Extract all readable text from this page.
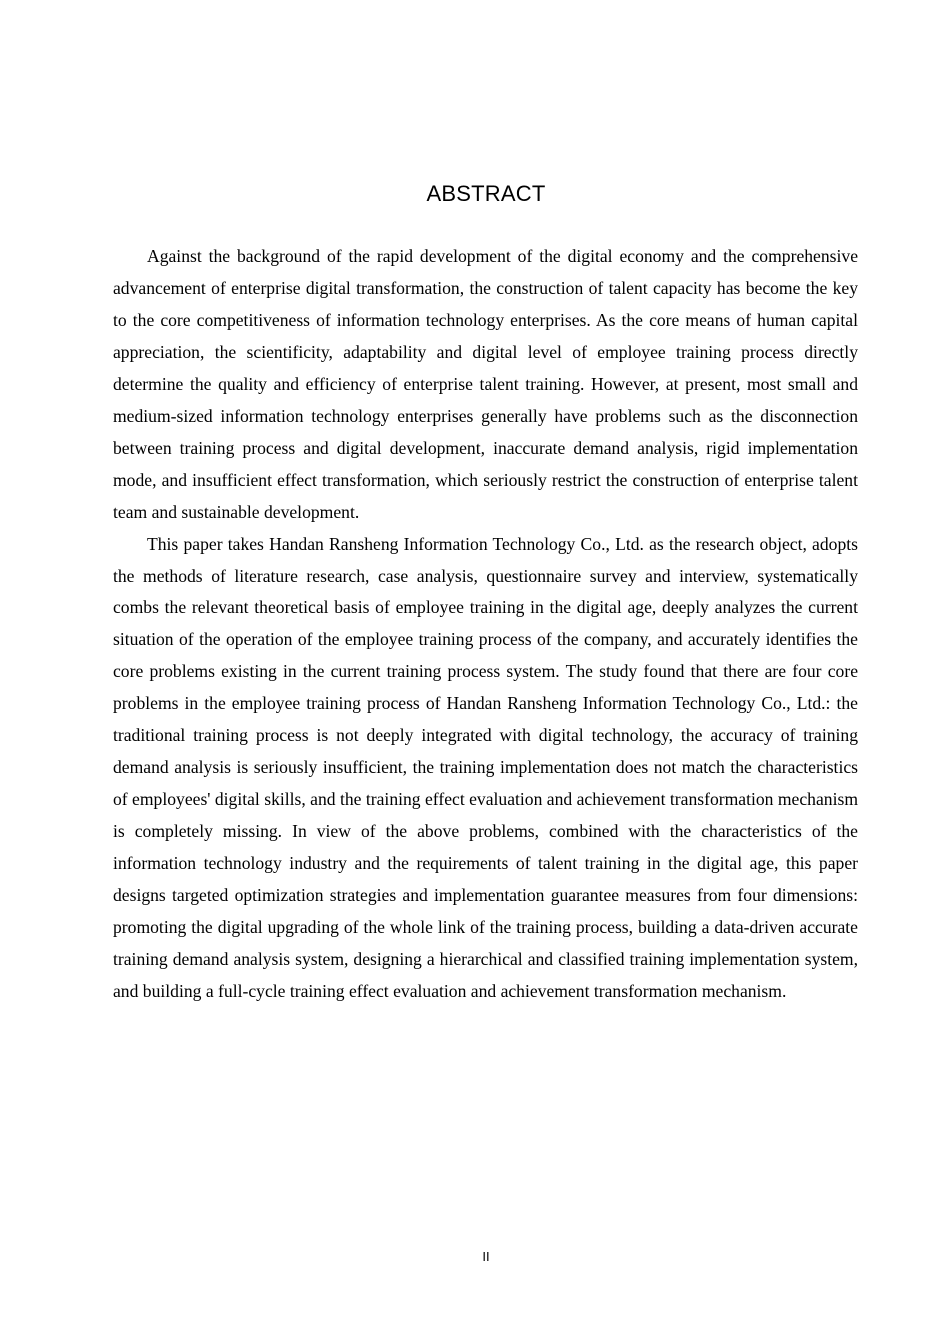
ABSTRACT

Against the background of the rapid development of the digital economy and the comprehensive advancement of enterprise digital transformation, the construction of talent capacity has become the key to the core competitiveness of information technology enterprises. As the core means of human capital appreciation, the scientificity, adaptability and digital level of employee training process directly determine the quality and efficiency of enterprise talent training. However, at present, most small and medium-sized information technology enterprises generally have problems such as the disconnection between training process and digital development, inaccurate demand analysis, rigid implementation mode, and insufficient effect transformation, which seriously restrict the construction of enterprise talent team and sustainable development.

This paper takes Handan Ransheng Information Technology Co., Ltd. as the research object, adopts the methods of literature research, case analysis, questionnaire survey and interview, systematically combs the relevant theoretical basis of employee training in the digital age, deeply analyzes the current situation of the operation of the employee training process of the company, and accurately identifies the core problems existing in the current training process system. The study found that there are four core problems in the employee training process of Handan Ransheng Information Technology Co., Ltd.: the traditional training process is not deeply integrated with digital technology, the accuracy of training demand analysis is seriously insufficient, the training implementation does not match the characteristics of employees' digital skills, and the training effect evaluation and achievement transformation mechanism is completely missing. In view of the above problems, combined with the characteristics of the information technology industry and the requirements of talent training in the digital age, this paper designs targeted optimization strategies and implementation guarantee measures from four dimensions: promoting the digital upgrading of the whole link of the training process, building a data-driven accurate training demand analysis system, designing a hierarchical and classified training implementation system, and building a full-cycle training effect evaluation and achievement transformation mechanism.

II
